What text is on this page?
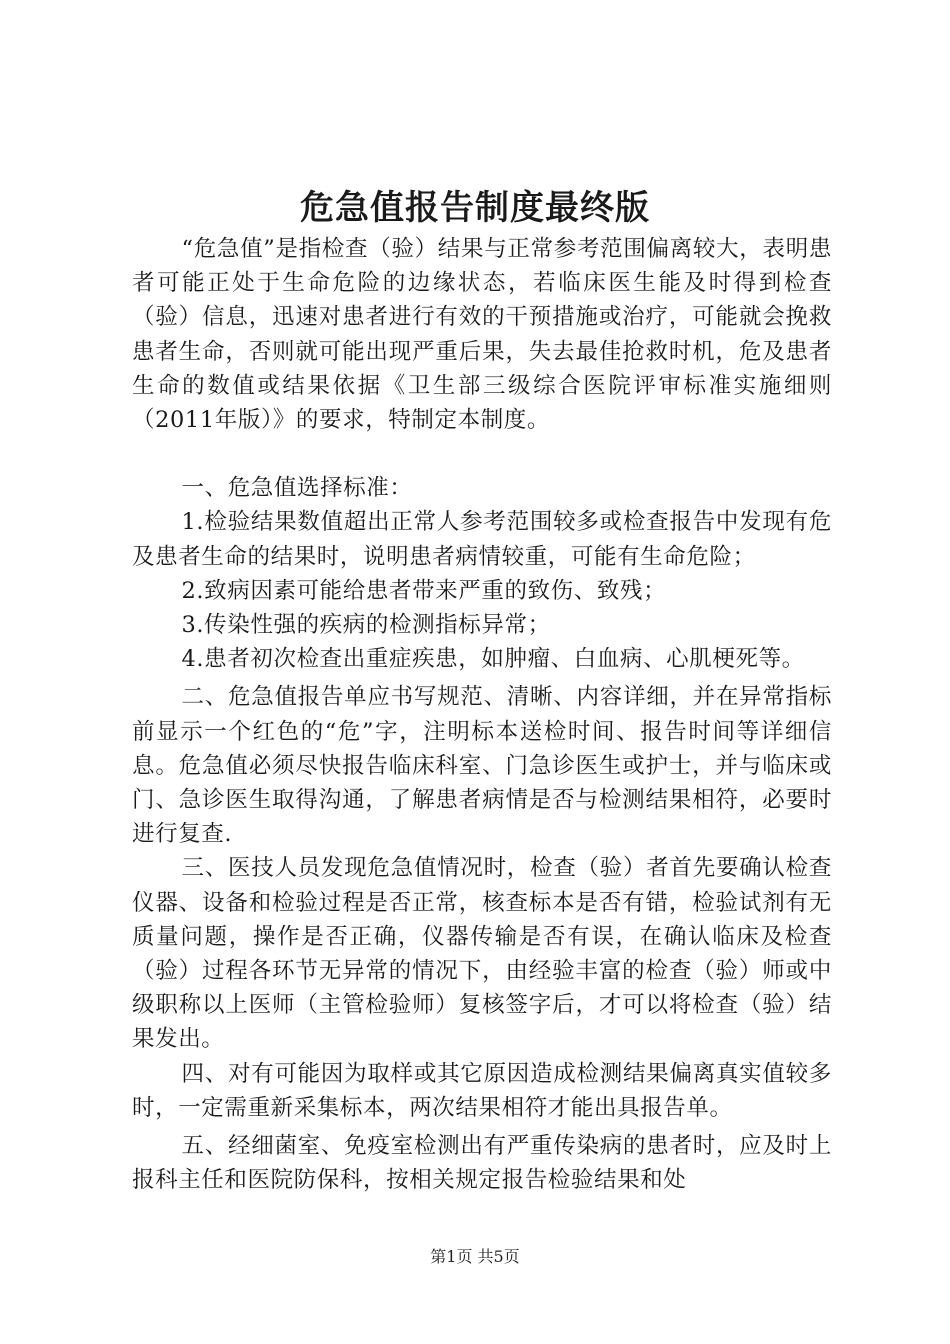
危急值报告制度最终版

“危急值”是指检查（验）结果与正常参考范围偏离较大，表明患者可能正处于生命危险的边缘状态，若临床医生能及时得到检查（验）信息，迅速对患者进行有效的干预措施或治疗，可能就会挽救患者生命，否则就可能出现严重后果，失去最佳抢救时机，危及患者生命的数值或结果依据《卫生部三级综合医院评审标准实施细则（2011年版）》的要求，特制定本制度。

一、危急值选择标准：

1.检验结果数值超出正常人参考范围较多或检查报告中发现有危及患者生命的结果时，说明患者病情较重，可能有生命危险；

2.致病因素可能给患者带来严重的致伤、致残；

3.传染性强的疾病的检测指标异常；

4.患者初次检查出重症疾患，如肿瘤、白血病、心肌梗死等。

二、危急值报告单应书写规范、清晰、内容详细，并在异常指标前显示一个红色的“危”字，注明标本送检时间、报告时间等详细信息。危急值必须尽快报告临床科室、门急诊医生或护士，并与临床或门、急诊医生取得沟通，了解患者病情是否与检测结果相符，必要时进行复查.

三、医技人员发现危急值情况时，检查（验）者首先要确认检查仪器、设备和检验过程是否正常，核查标本是否有错，检验试剂有无质量问题，操作是否正确，仪器传输是否有误，在确认临床及检查（验）过程各环节无异常的情况下，由经验丰富的检查（验）师或中级职称以上医师（主管检验师）复核签字后，才可以将检查（验）结果发出。

四、对有可能因为取样或其它原因造成检测结果偏离真实值较多时，一定需重新采集标本，两次结果相符才能出具报告单。

五、经细菌室、免疫室检测出有严重传染病的患者时，应及时上报科主任和医院防保科，按相关规定报告检验结果和处

第1页 共5页
